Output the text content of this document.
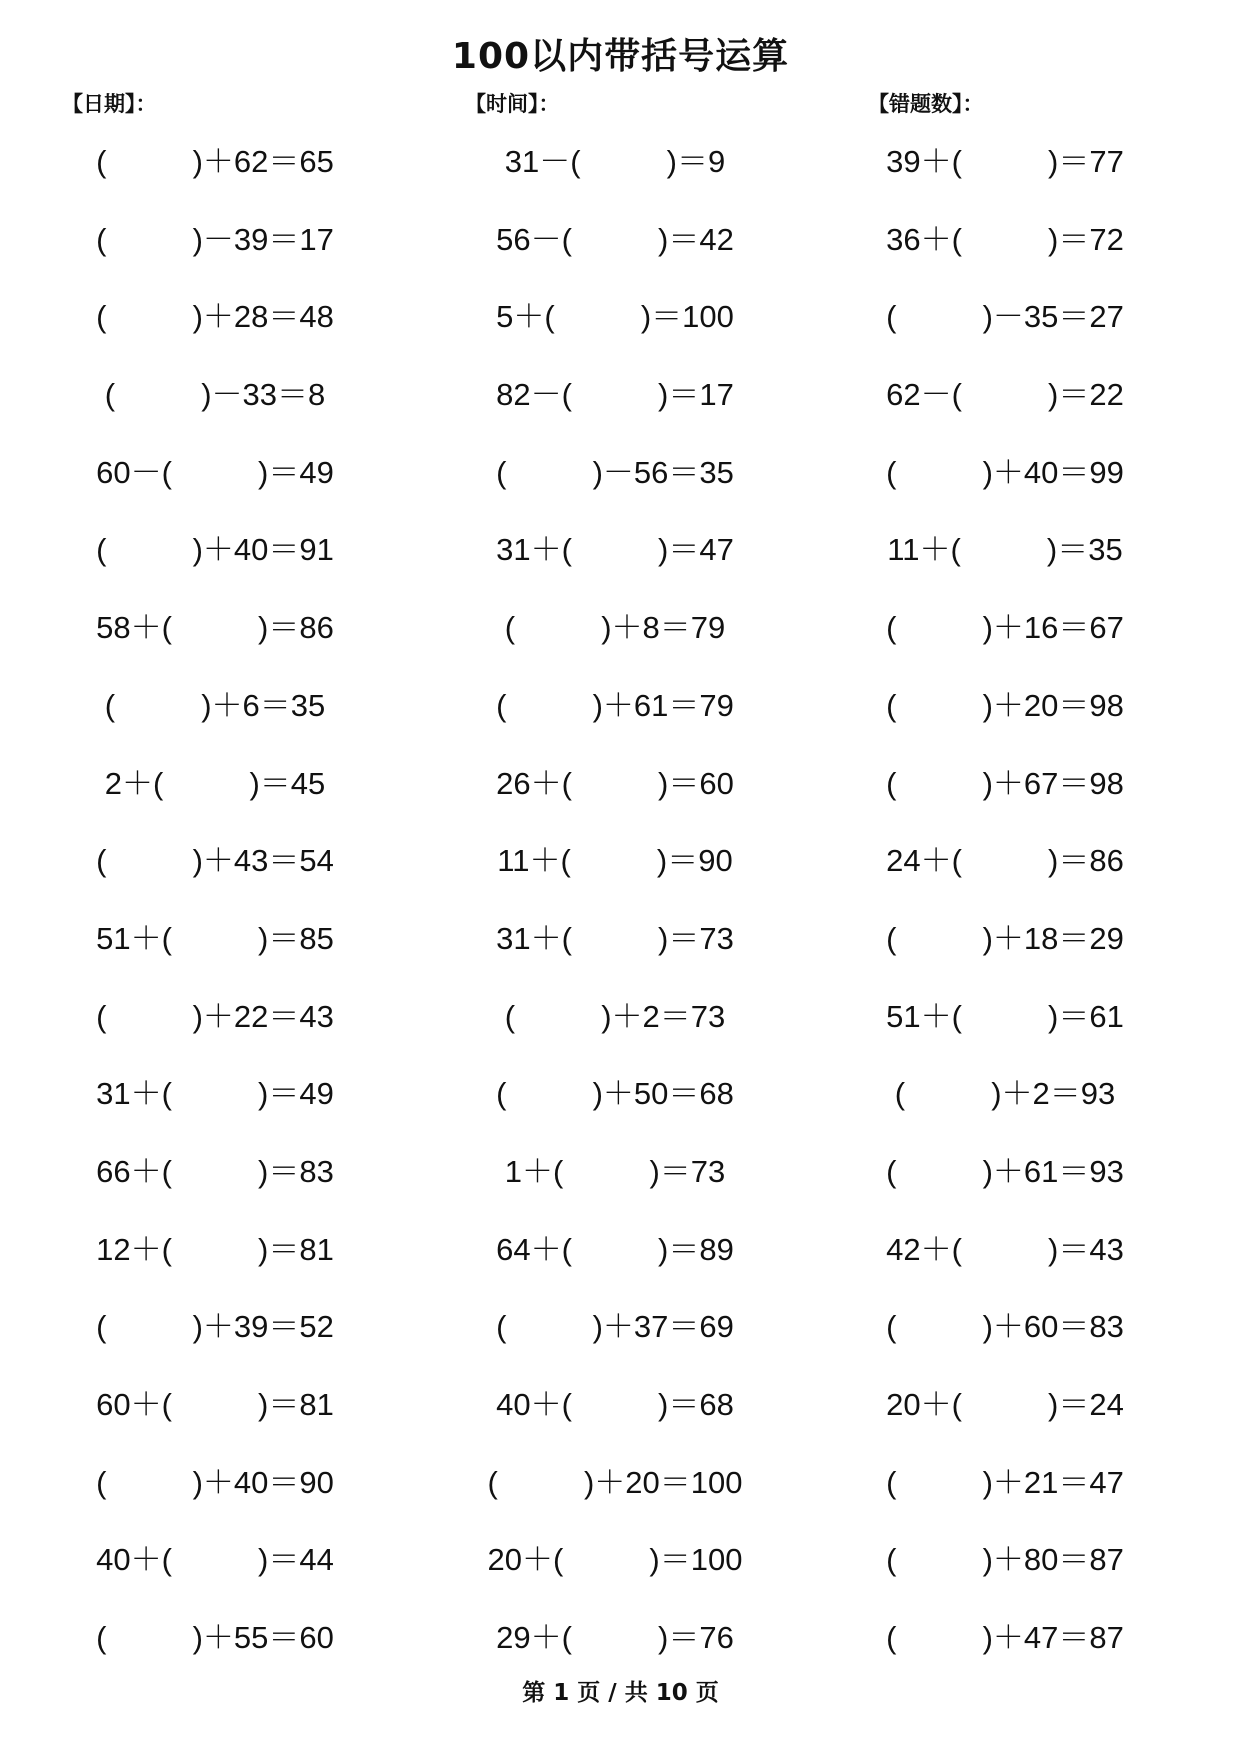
100以内带括号运算
【日期】：	【时间】：	【错题数】：
(          )＋62＝65	31－(          )＝9	39＋(          )＝77
(          )－39＝17	56－(          )＝42	36＋(          )＝72
(          )＋28＝48	5＋(          )＝100	(          )－35＝27
(          )－33＝8	82－(          )＝17	62－(          )＝22
60－(          )＝49	(          )－56＝35	(          )＋40＝99
(          )＋40＝91	31＋(          )＝47	11＋(          )＝35
58＋(          )＝86	(          )＋8＝79	(          )＋16＝67
(          )＋6＝35	(          )＋61＝79	(          )＋20＝98
2＋(          )＝45	26＋(          )＝60	(          )＋67＝98
(          )＋43＝54	11＋(          )＝90	24＋(          )＝86
51＋(          )＝85	31＋(          )＝73	(          )＋18＝29
(          )＋22＝43	(          )＋2＝73	51＋(          )＝61
31＋(          )＝49	(          )＋50＝68	(          )＋2＝93
66＋(          )＝83	1＋(          )＝73	(          )＋61＝93
12＋(          )＝81	64＋(          )＝89	42＋(          )＝43
(          )＋39＝52	(          )＋37＝69	(          )＋60＝83
60＋(          )＝81	40＋(          )＝68	20＋(          )＝24
(          )＋40＝90	(          )＋20＝100	(          )＋21＝47
40＋(          )＝44	20＋(          )＝100	(          )＋80＝87
(          )＋55＝60	29＋(          )＝76	(          )＋47＝87
第 1 页 / 共 10 页
